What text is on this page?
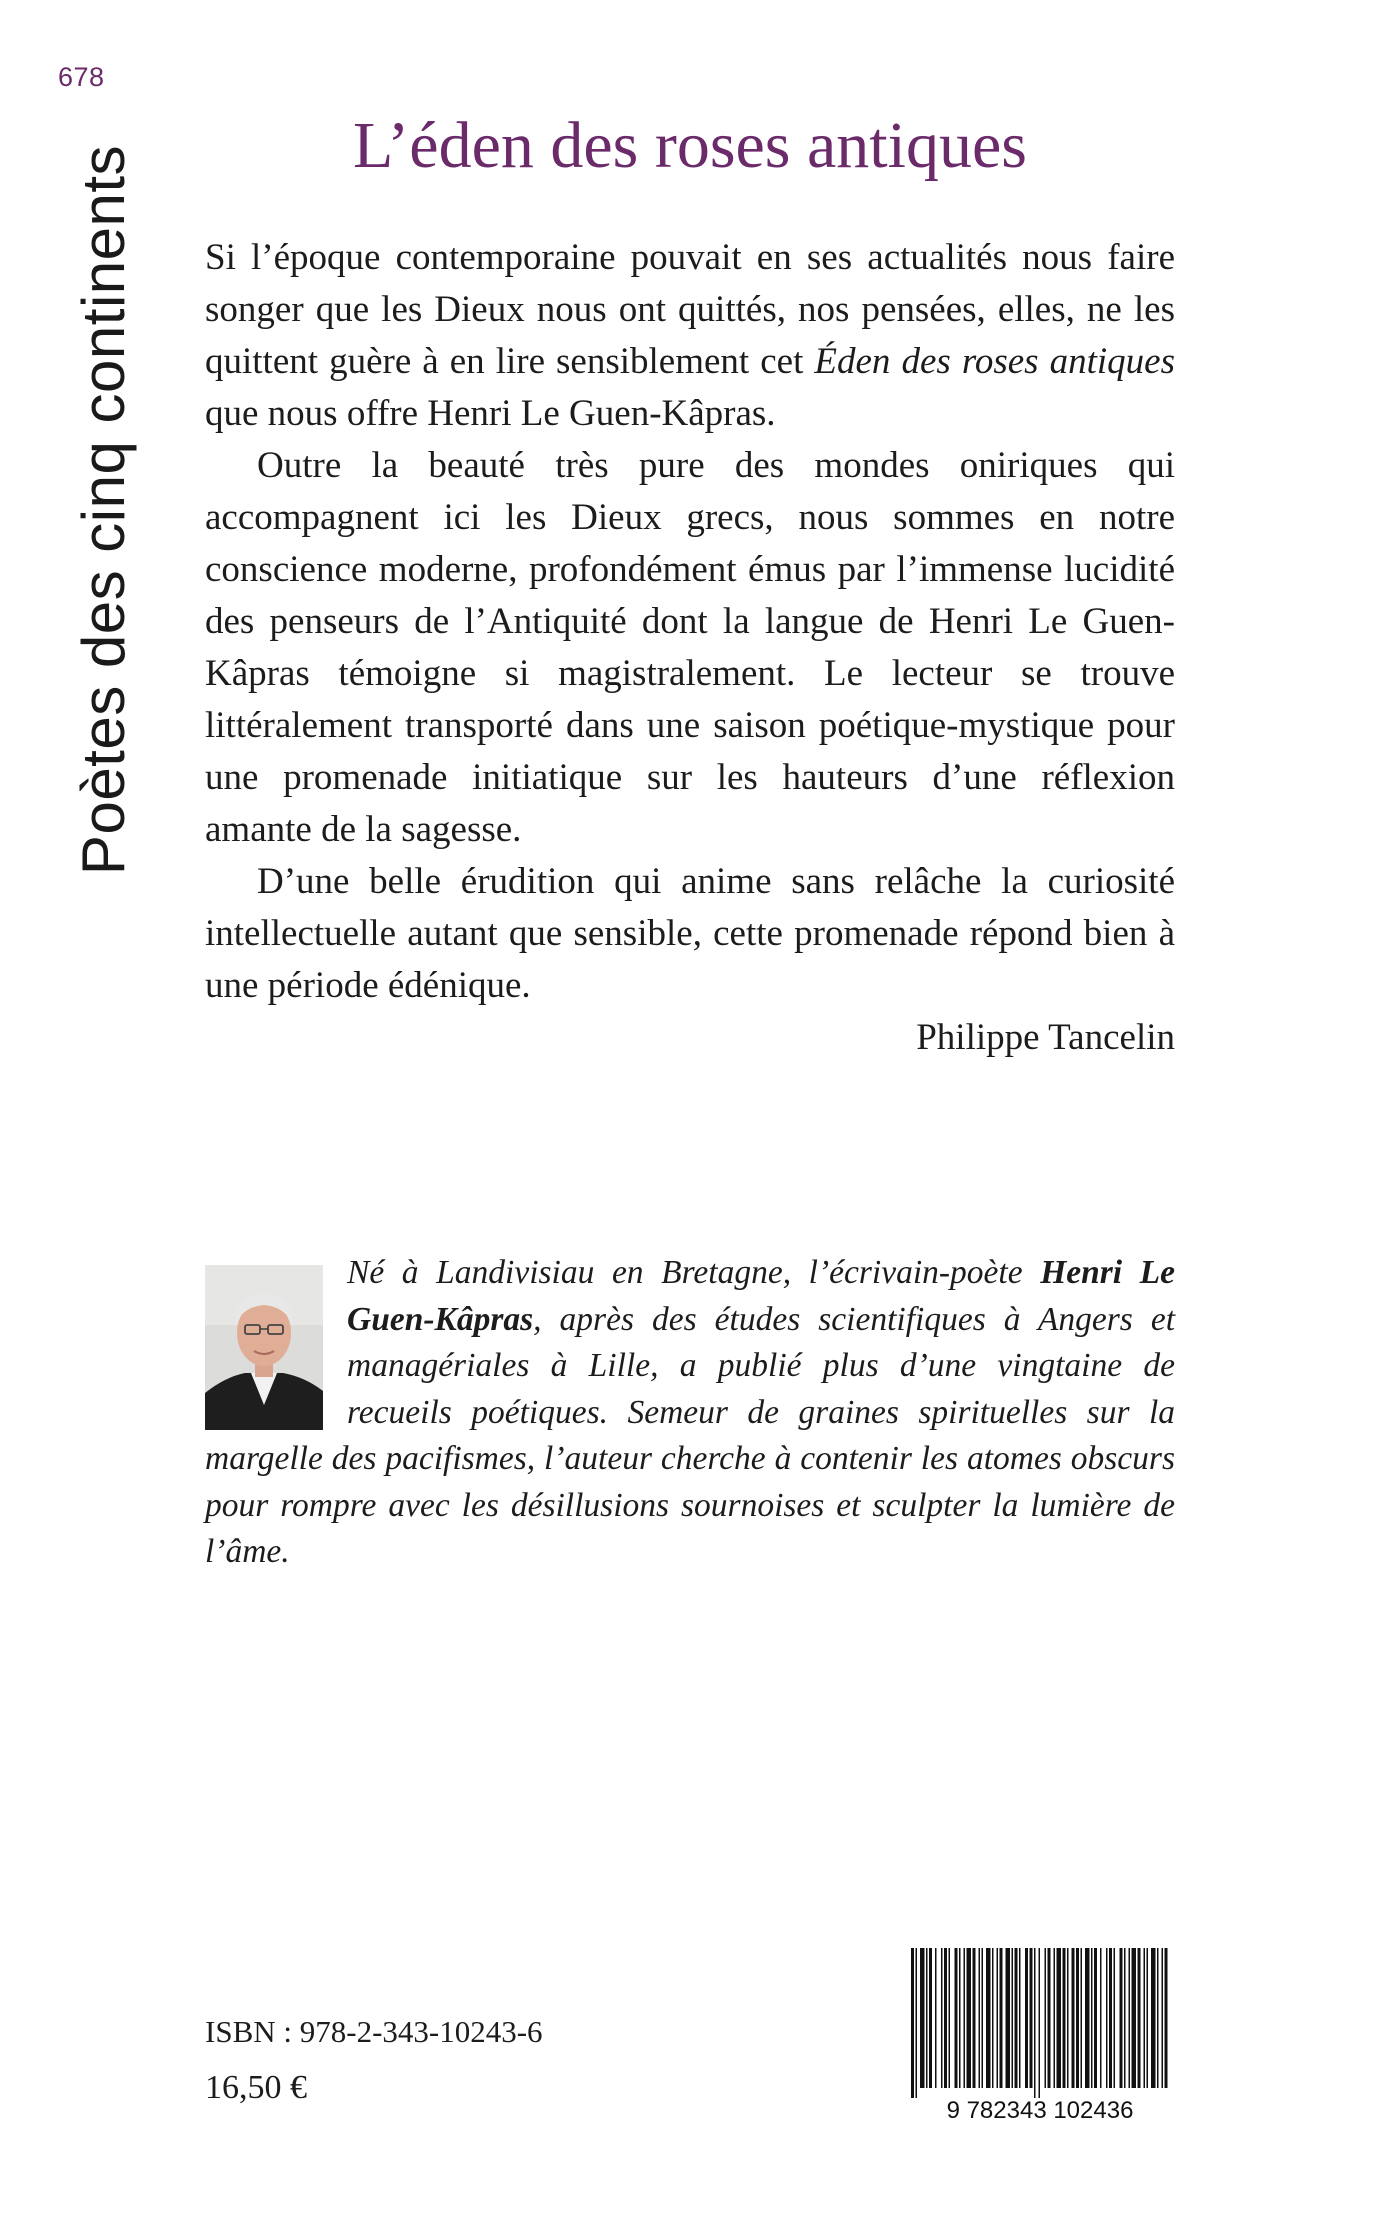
678
Poètes des cinq continents	L’éden des roses antiques

Si l’époque contemporaine pouvait en ses actualités nous faire songer que les Dieux nous ont quittés, nos pensées, elles, ne les quittent guère à en lire sensiblement cet Éden des roses antiques que nous offre Henri Le Guen-Kâpras.

Outre la beauté très pure des mondes oniriques qui accompagnent ici les Dieux grecs, nous sommes en notre conscience moderne, profondément émus par l’immense lucidité des penseurs de l’Antiquité dont la langue de Henri Le Guen-Kâpras témoigne si magistralement. Le lecteur se trouve littéralement transporté dans une saison poétique-mystique pour une promenade initiatique sur les hauteurs d’une réflexion amante de la sagesse.

D’une belle érudition qui anime sans relâche la curiosité intellectuelle autant que sensible, cette promenade répond bien à une période édénique.

Philippe Tancelin
Né à Landivisiau en Bretagne, l’écrivain-poète Henri Le Guen-Kâpras, après des études scientifiques à Angers et managériales à Lille, a publié plus d’une vingtaine de recueils poétiques. Semeur de graines spirituelles sur la margelle des pacifismes, l’auteur cherche à contenir les atomes obscurs pour rompre avec les désillusions sournoises et sculpter la lumière de l’âme.
ISBN : 978-2-343-10243-6
16,50 €
9 782343 102436
